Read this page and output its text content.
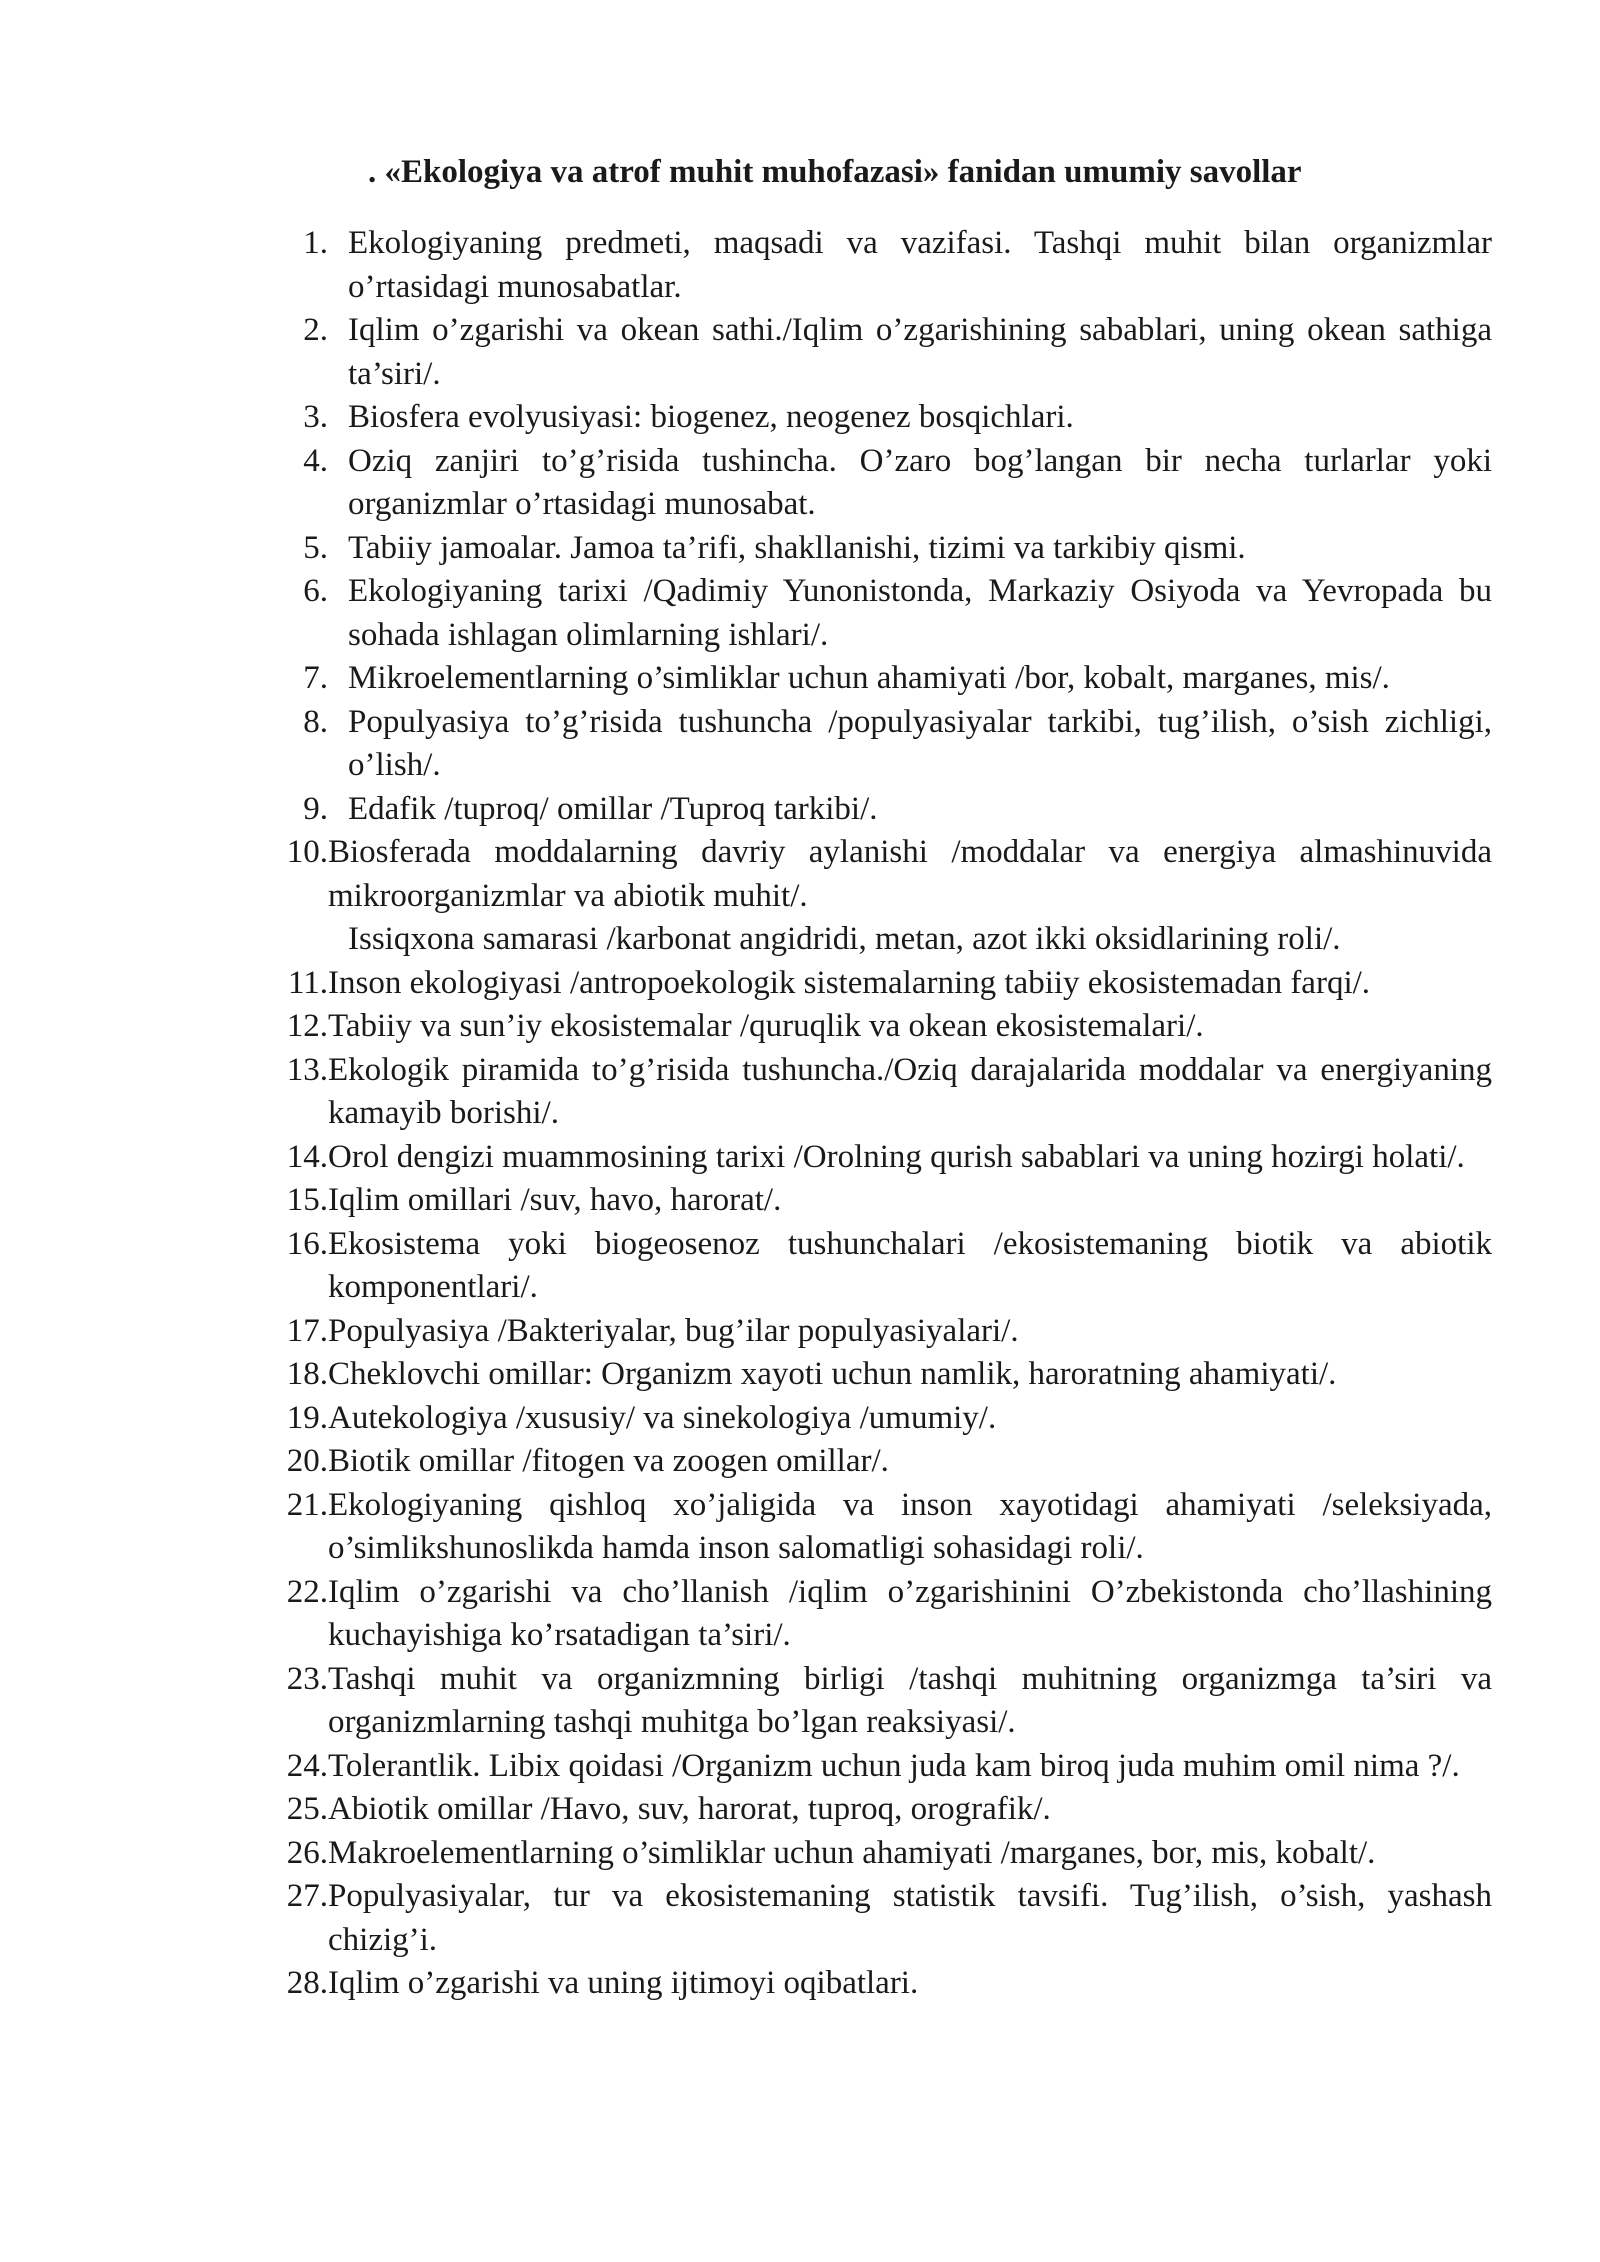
. «Ekologiya va atrof muhit muhofazasi» fanidan umumiy savollar
1. Ekologiyaning predmeti, maqsadi va vazifasi. Tashqi muhit bilan organizmlar o’rtasidagi munosabatlar.
2. Iqlim o’zgarishi va okean sathi./Iqlim o’zgarishining sabablari, uning okean sathiga ta’siri/.
3. Biosfera evolyusiyasi: biogenez, neogenez bosqichlari.
4. Oziq zanjiri to’g’risida tushincha. O’zaro bog’langan bir necha turlarlar yoki organizmlar o’rtasidagi munosabat.
5. Tabiiy jamoalar. Jamoa ta’rifi, shakllanishi, tizimi va tarkibiy qismi.
6. Ekologiyaning tarixi /Qadimiy Yunonistonda, Markaziy Osiyoda va Yevropada bu sohada ishlagan olimlarning ishlari/.
7. Mikroelementlarning o’simliklar uchun ahamiyati /bor, kobalt, marganes, mis/.
8. Populyasiya to’g’risida tushuncha /populyasiyalar tarkibi, tug’ilish, o’sish zichligi, o’lish/.
9. Edafik /tuproq/ omillar /Tuproq tarkibi/.
10. Biosferada moddalarning davriy aylanishi /moddalar va energiya almashinuvida mikroorganizmlar va abiotik muhit/.
Issiqxona samarasi /karbonat angidridi, metan, azot ikki oksidlarining roli/.
11. Inson ekologiyasi /antropoekologik sistemalarning tabiiy ekosistemadan farqi/.
12. Tabiiy va sun’iy ekosistemalar /quruqlik va okean ekosistemalari/.
13. Ekologik piramida to’g’risida tushuncha./Oziq darajalarida moddalar va energiyaning kamayib borishi/.
14. Orol dengizi muammosining tarixi /Orolning qurish sabablari va uning hozirgi holati/.
15. Iqlim omillari /suv, havo, harorat/.
16. Ekosistema yoki biogeosenoz tushunchalari /ekosistemaning biotik va abiotik komponentlari/.
17. Populyasiya /Bakteriyalar, bug’ilar populyasiyalari/.
18. Cheklovchi omillar: Organizm xayoti uchun namlik, haroratning ahamiyati/.
19. Autekologiya /xususiy/ va sinekologiya /umumiy/.
20. Biotik omillar /fitogen va zoogen omillar/.
21. Ekologiyaning qishloq xo’jaligida va inson xayotidagi ahamiyati /seleksiyada, o’simlikshunoslikda hamda inson salomatligi sohasidagi roli/.
22. Iqlim o’zgarishi va cho’llanish /iqlim o’zgarishinini O’zbekistonda cho’llashining kuchayishiga ko’rsatadigan ta’siri/.
23. Tashqi muhit va organizmning birligi /tashqi muhitning organizmga ta’siri va organizmlarning tashqi muhitga bo’lgan reaksiyasi/.
24. Tolerantlik. Libix qoidasi /Organizm uchun juda kam biroq juda muhim omil nima ?/.
25. Abiotik omillar /Havo, suv, harorat, tuproq, orografik/.
26. Makroelementlarning o’simliklar uchun ahamiyati /marganes, bor, mis, kobalt/.
27. Populyasiyalar, tur va ekosistemaning statistik tavsifi. Tug’ilish, o’sish, yashash chizig’i.
28. Iqlim o’zgarishi va uning ijtimoyi oqibatlari.
